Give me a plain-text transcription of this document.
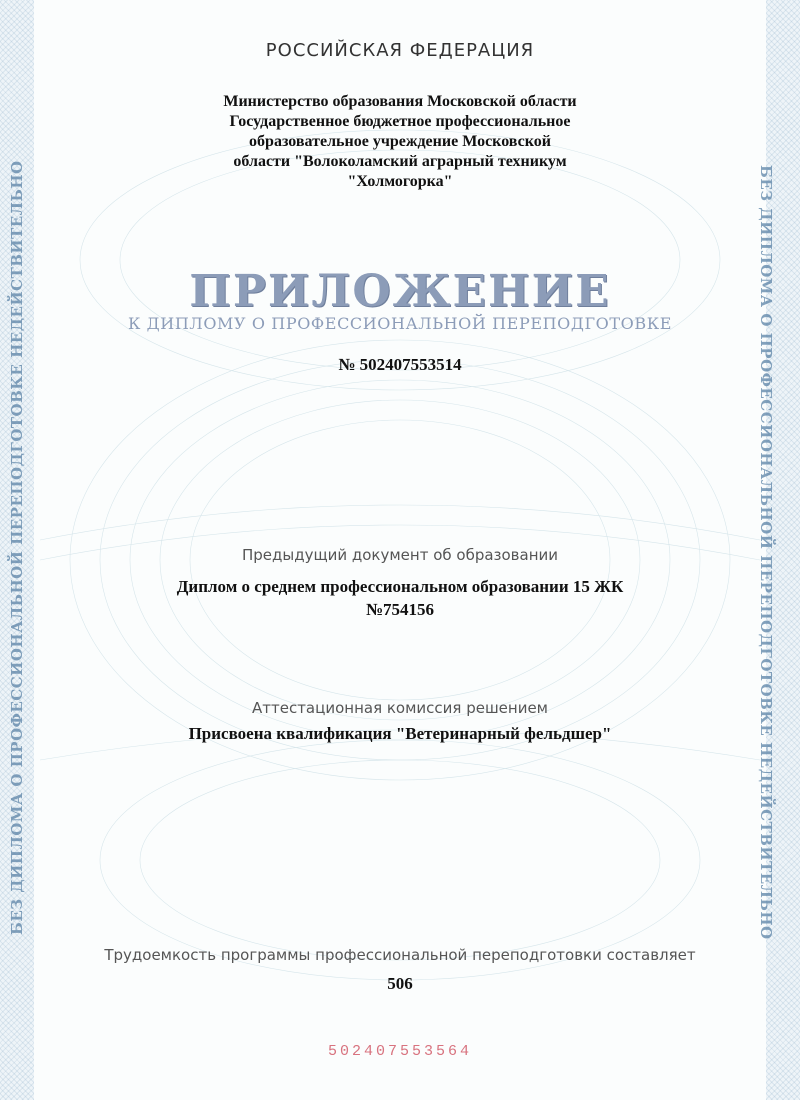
БЕЗ ДИПЛОМА О ПРОФЕССИОНАЛЬНОЙ ПЕРЕПОДГОТОВКЕ НЕДЕЙСТВИТЕЛЬНО
РОССИЙСКАЯ ФЕДЕРАЦИЯ
Министерство образования Московской области
Государственное бюджетное профессиональное
образовательное учреждение Московской
области "Волоколамский аграрный техникум
"Холмогорка"
ПРИЛОЖЕНИЕ
К ДИПЛОМУ О ПРОФЕССИОНАЛЬНОЙ ПЕРЕПОДГОТОВКЕ
№ 502407553514
Предыдущий документ об образовании
Диплом о среднем профессиональном образовании 15 ЖК
№754156
Аттестационная комиссия решением
Присвоена квалификация "Ветеринарный фельдшер"
Трудоемкость программы профессиональной переподготовки составляет
506
502407553564
